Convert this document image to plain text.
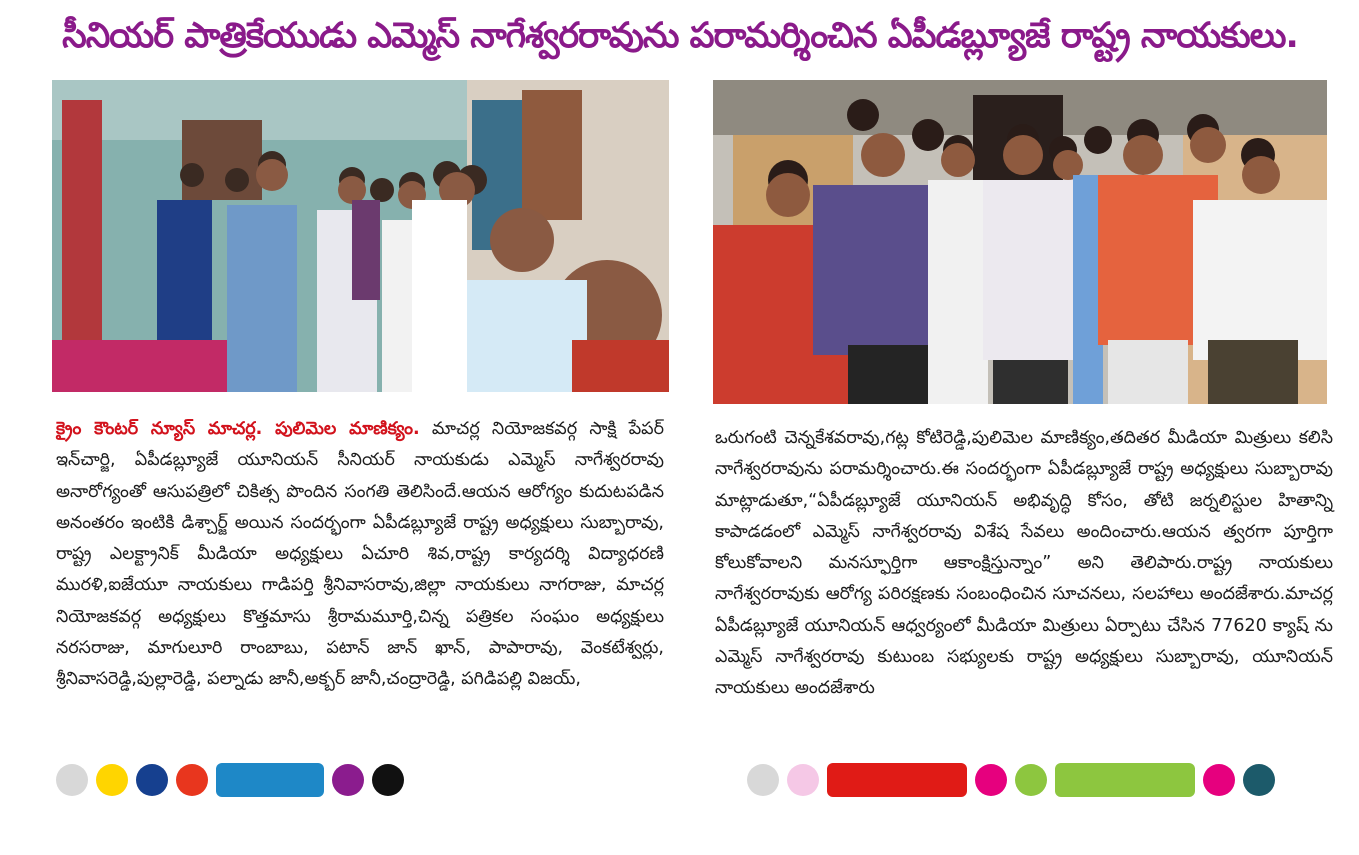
సీనియర్ పాత్రికేయుడు ఎమ్మెస్ నాగేశ్వరరావును పరామర్శించిన ఏపీడబ్ల్యూజే రాష్ట్ర నాయకులు.

క్రైం కౌంటర్ న్యూస్ మాచర్ల. పులిమెల మాణిక్యం. మాచర్ల నియోజకవర్గ సాక్షి పేపర్ ఇన్‌చార్జి, ఏపీడబ్ల్యూజే యూనియన్ సీనియర్ నాయకుడు ఎమ్మెస్ నాగేశ్వరరావు అనారోగ్యంతో ఆసుపత్రిలో చికిత్స పొందిన సంగతి తెలిసిందే.ఆయన ఆరోగ్యం కుదుటపడిన అనంతరం ఇంటికి డిశ్చార్జ్ అయిన సందర్భంగా ఏపీడబ్ల్యూజే రాష్ట్ర అధ్యక్షులు సుబ్బారావు, రాష్ట్ర ఎలక్ట్రానిక్ మీడియా అధ్యక్షులు ఏచూరి శివ,రాష్ట్ర కార్యదర్శి విద్యాధరణి మురళి,ఐజేయూ నాయకులు గాడిపర్తి శ్రీనివాసరావు,జిల్లా నాయకులు నాగరాజు, మాచర్ల నియోజకవర్గ అధ్యక్షులు కొత్తమాసు శ్రీరామమూర్తి,చిన్న పత్రికల సంఘం అధ్యక్షులు నరసరాజు, మాగులూరి రాంబాబు, పటాన్ జాన్ ఖాన్, పాపారావు, వెంకటేశ్వర్లు, శ్రీనివాసరెడ్డి,పుల్లారెడ్డి, పల్నాడు జానీ,అక్బర్ జానీ,చంద్రారెడ్డి, పగిడిపల్లి విజయ్,

ఒరుగంటి చెన్నకేశవరావు,గట్ల కోటిరెడ్డి,పులిమెల మాణిక్యం,తదితర మీడియా మిత్రులు కలిసి నాగేశ్వరరావును పరామర్శించారు.ఈ సందర్భంగా ఏపీడబ్ల్యూజే రాష్ట్ర అధ్యక్షులు సుబ్బారావు మాట్లాడుతూ,“ఏపీడబ్ల్యూజే యూనియన్ అభివృద్ధి కోసం, తోటి జర్నలిస్టుల హితాన్ని కాపాడడంలో ఎమ్మెస్ నాగేశ్వరరావు విశేష సేవలు అందించారు.ఆయన త్వరగా పూర్తిగా కోలుకోవాలని మనస్ఫూర్తిగా ఆకాంక్షిస్తున్నాం” అని తెలిపారు.రాష్ట్ర నాయకులు నాగేశ్వరరావుకు ఆరోగ్య పరిరక్షణకు సంబంధించిన సూచనలు, సలహాలు అందజేశారు.మాచర్ల ఏపీడబ్ల్యూజే యూనియన్ ఆధ్వర్యంలో మీడియా మిత్రులు ఏర్పాటు చేసిన 77620 క్యాష్ ను ఎమ్మెస్ నాగేశ్వరరావు కుటుంబ సభ్యులకు రాష్ట్ర అధ్యక్షులు సుబ్బారావు, యూనియన్ నాయకులు అందజేశారు
